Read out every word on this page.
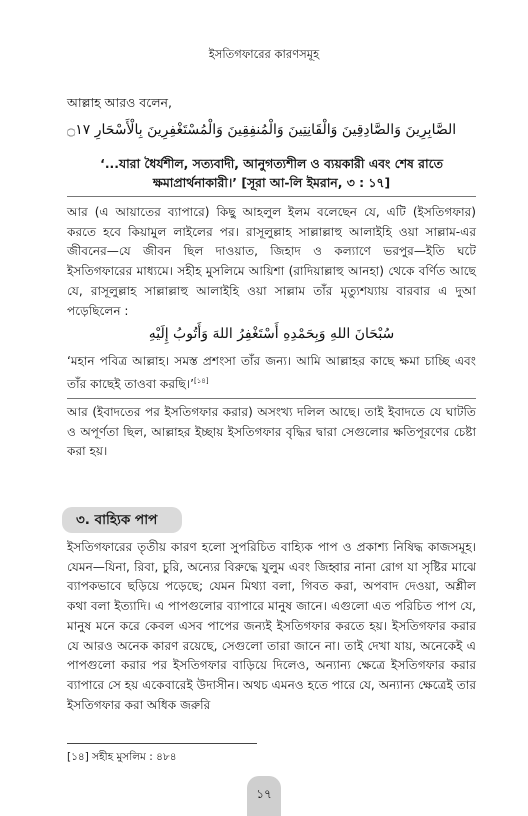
ইসতিগফারের কারণসমূহ
আল্লাহ আরও বলেন,
الصَّابِرِينَ وَالصَّادِقِينَ وَالْقَانِتِينَ وَالْمُنفِقِينَ وَالْمُسْتَغْفِرِينَ بِالْأَسْحَارِ ۝١٧
‘...যারা ধৈর্যশীল, সত্যবাদী, আনুগত্যশীল ও ব্যয়কারী এবং শেষ রাতে
ক্ষমাপ্রার্থনাকারী।’ [সূরা আ-লি ইমরান, ৩ : ১৭]
আর (এ আয়াতের ব্যাপারে) কিছু আহলুল ইলম বলেছেন যে, এটি (ইসতিগফার) করতে হবে কিয়ামুল লাইলের পর। রাসূলুল্লাহ সাল্লাল্লাহু আলাইহি ওয়া সাল্লাম-এর জীবনের—যে জীবন ছিল দাওয়াত, জিহাদ ও কল্যাণে ভরপুর—ইতি ঘটে ইসতিগফারের মাধ্যমে। সহীহ মুসলিমে আয়িশা (রাদিয়াল্লাহু আনহা) থেকে বর্ণিত আছে যে, রাসূলুল্লাহ সাল্লাল্লাহু আলাইহি ওয়া সাল্লাম তাঁর মৃত্যুশয্যায় বারবার এ দুআ পড়েছিলেন :
سُبْحَانَ اللهِ وَبِحَمْدِهِ أَسْتَغْفِرُ اللهَ وَأَتُوبُ إِلَيْهِ
‘মহান পবিত্র আল্লাহ। সমস্ত প্রশংসা তাঁর জন্য। আমি আল্লাহর কাছে ক্ষমা চাচ্ছি এবং তাঁর কাছেই তাওবা করছি।’[১৪]
আর (ইবাদতের পর ইসতিগফার করার) অসংখ্য দলিল আছে। তাই ইবাদতে যে ঘাটতি ও অপূর্ণতা ছিল, আল্লাহর ইচ্ছায় ইসতিগফার বৃদ্ধির দ্বারা সেগুলোর ক্ষতিপূরণের চেষ্টা করা হয়।
৩. বাহ্যিক পাপ
ইসতিগফারের তৃতীয় কারণ হলো সুপরিচিত বাহ্যিক পাপ ও প্রকাশ্য নিষিদ্ধ কাজসমূহ। যেমন—যিনা, রিবা, চুরি, অন্যের বিরুদ্ধে যুলুম এবং জিহ্বার নানা রোগ যা সৃষ্টির মাঝে ব্যাপকভাবে ছড়িয়ে পড়েছে; যেমন মিথ্যা বলা, গিবত করা, অপবাদ দেওয়া, অশ্লীল কথা বলা ইত্যাদি। এ পাপগুলোর ব্যাপারে মানুষ জানে। এগুলো এত পরিচিত পাপ যে, মানুষ মনে করে কেবল এসব পাপের জন্যই ইসতিগফার করতে হয়। ইসতিগফার করার যে আরও অনেক কারণ রয়েছে, সেগুলো তারা জানে না। তাই দেখা যায়, অনেকেই এ পাপগুলো করার পর ইসতিগফার বাড়িয়ে দিলেও, অন্যান্য ক্ষেত্রে ইসতিগফার করার ব্যাপারে সে হয় একেবারেই উদাসীন। অথচ এমনও হতে পারে যে, অন্যান্য ক্ষেত্রেই তার ইসতিগফার করা অধিক জরুরি
[১৪] সহীহ মুসলিম : ৪৮৪
১৭
